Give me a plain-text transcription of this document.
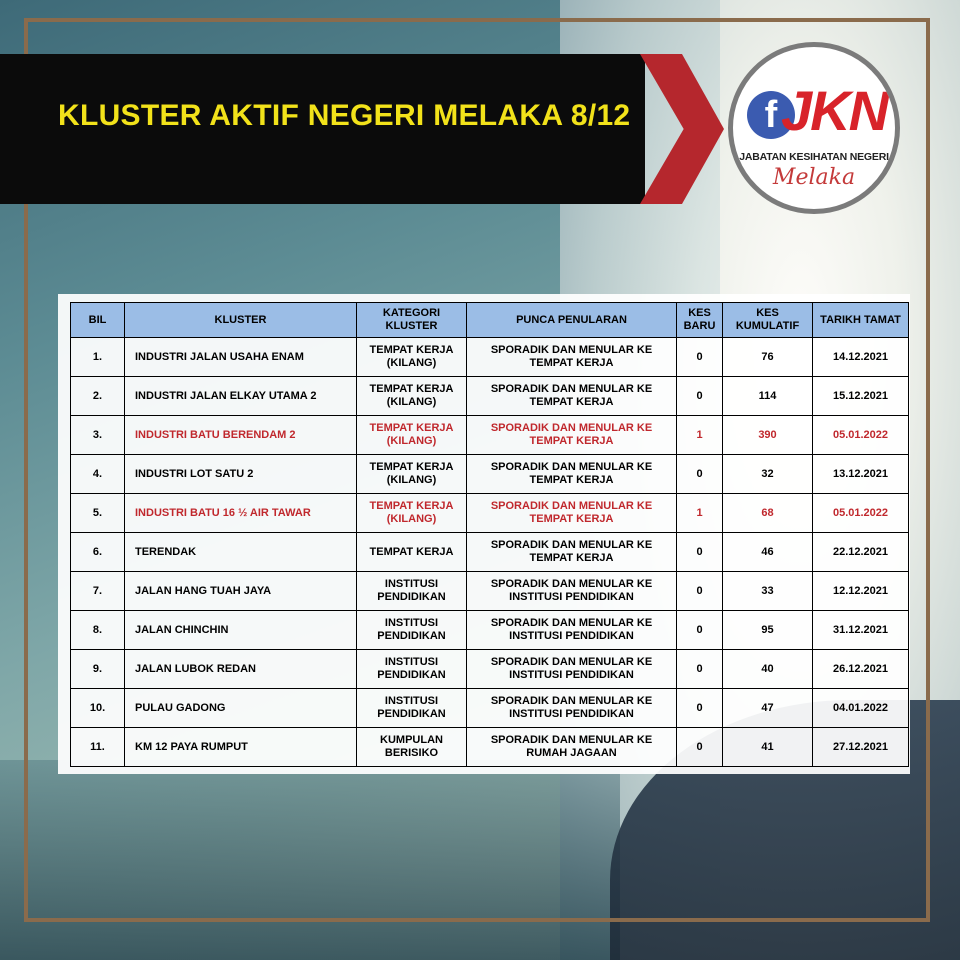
KLUSTER AKTIF NEGERI MELAKA 8/12	f JKN
JABATAN KESIHATAN NEGERI
Melaka
BIL	KLUSTER	KATEGORI KLUSTER	PUNCA PENULARAN	KES BARU	KES KUMULATIF	TARIKH TAMAT
1.	INDUSTRI JALAN USAHA ENAM	TEMPAT KERJA (KILANG)	SPORADIK DAN MENULAR KE TEMPAT KERJA	0	76	14.12.2021
2.	INDUSTRI JALAN ELKAY UTAMA 2	TEMPAT KERJA (KILANG)	SPORADIK DAN MENULAR KE TEMPAT KERJA	0	114	15.12.2021
3.	INDUSTRI BATU BERENDAM 2	TEMPAT KERJA (KILANG)	SPORADIK DAN MENULAR KE TEMPAT KERJA	1	390	05.01.2022
4.	INDUSTRI LOT SATU 2	TEMPAT KERJA (KILANG)	SPORADIK DAN MENULAR KE TEMPAT KERJA	0	32	13.12.2021
5.	INDUSTRI BATU 16 ½ AIR TAWAR	TEMPAT KERJA (KILANG)	SPORADIK DAN MENULAR KE TEMPAT KERJA	1	68	05.01.2022
6.	TERENDAK	TEMPAT KERJA	SPORADIK DAN MENULAR KE TEMPAT KERJA	0	46	22.12.2021
7.	JALAN HANG TUAH JAYA	INSTITUSI PENDIDIKAN	SPORADIK DAN MENULAR KE INSTITUSI PENDIDIKAN	0	33	12.12.2021
8.	JALAN CHINCHIN	INSTITUSI PENDIDIKAN	SPORADIK DAN MENULAR KE INSTITUSI PENDIDIKAN	0	95	31.12.2021
9.	JALAN LUBOK REDAN	INSTITUSI PENDIDIKAN	SPORADIK DAN MENULAR KE INSTITUSI PENDIDIKAN	0	40	26.12.2021
10.	PULAU GADONG	INSTITUSI PENDIDIKAN	SPORADIK DAN MENULAR KE INSTITUSI PENDIDIKAN	0	47	04.01.2022
11.	KM 12 PAYA RUMPUT	KUMPULAN BERISIKO	SPORADIK DAN MENULAR KE RUMAH JAGAAN	0	41	27.12.2021
